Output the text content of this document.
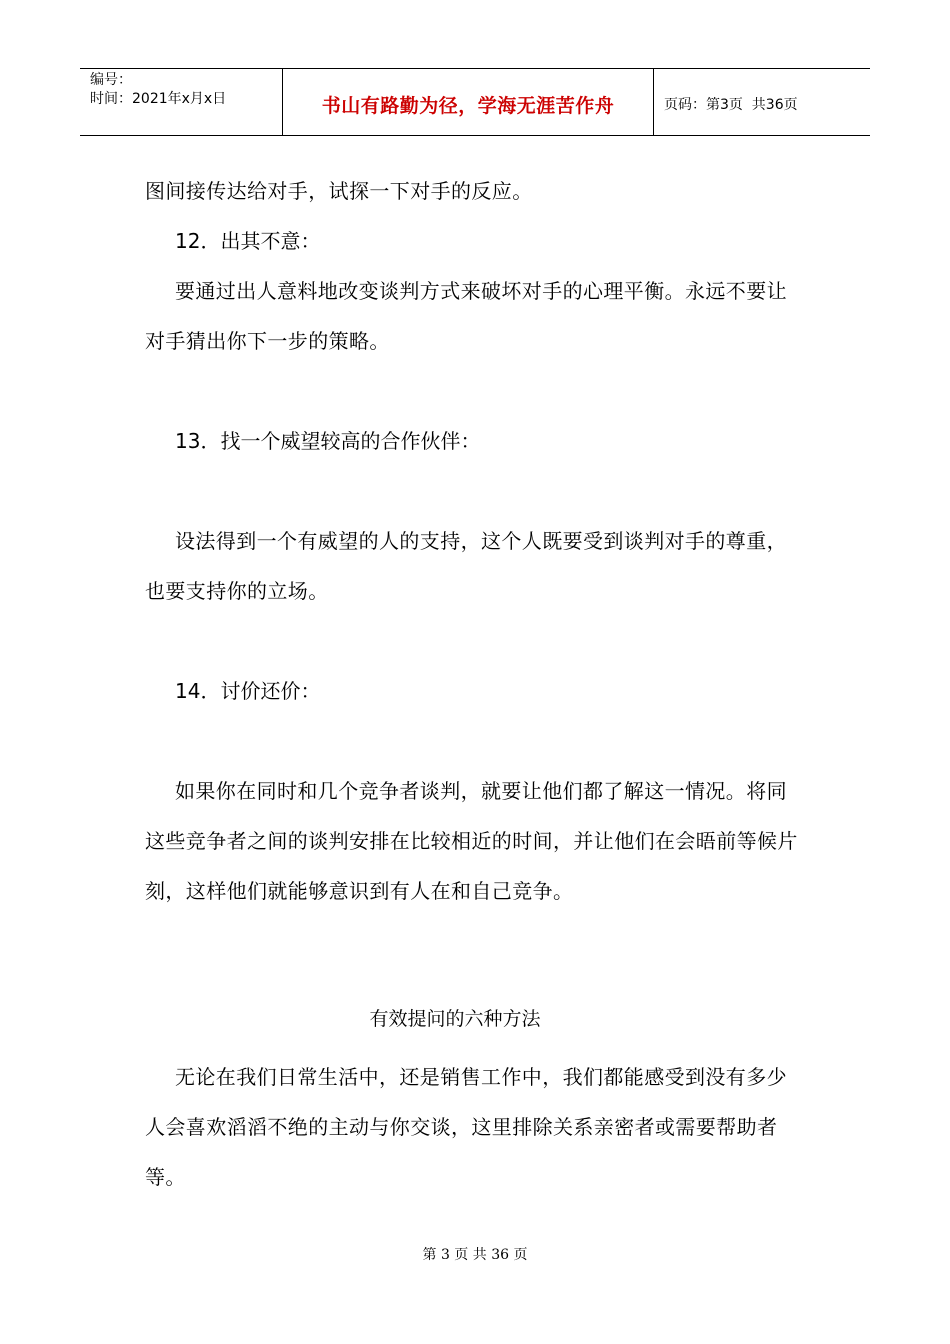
编号：
时间：2021年x月x日	书山有路勤为径，学海无涯苦作舟	页码：第3页  共36页

图间接传达给对手，试探一下对手的反应。

12．出其不意：

要通过出人意料地改变谈判方式来破坏对手的心理平衡。永远不要让对手猜出你下一步的策略。

13．找一个威望较高的合作伙伴：

设法得到一个有威望的人的支持，这个人既要受到谈判对手的尊重，也要支持你的立场。

14．讨价还价：

如果你在同时和几个竞争者谈判，就要让他们都了解这一情况。将同这些竞争者之间的谈判安排在比较相近的时间，并让他们在会晤前等候片刻，这样他们就能够意识到有人在和自己竞争。

有效提问的六种方法

无论在我们日常生活中，还是销售工作中，我们都能感受到没有多少人会喜欢滔滔不绝的主动与你交谈，这里排除关系亲密者或需要帮助者等。

第 3 页 共 36 页
